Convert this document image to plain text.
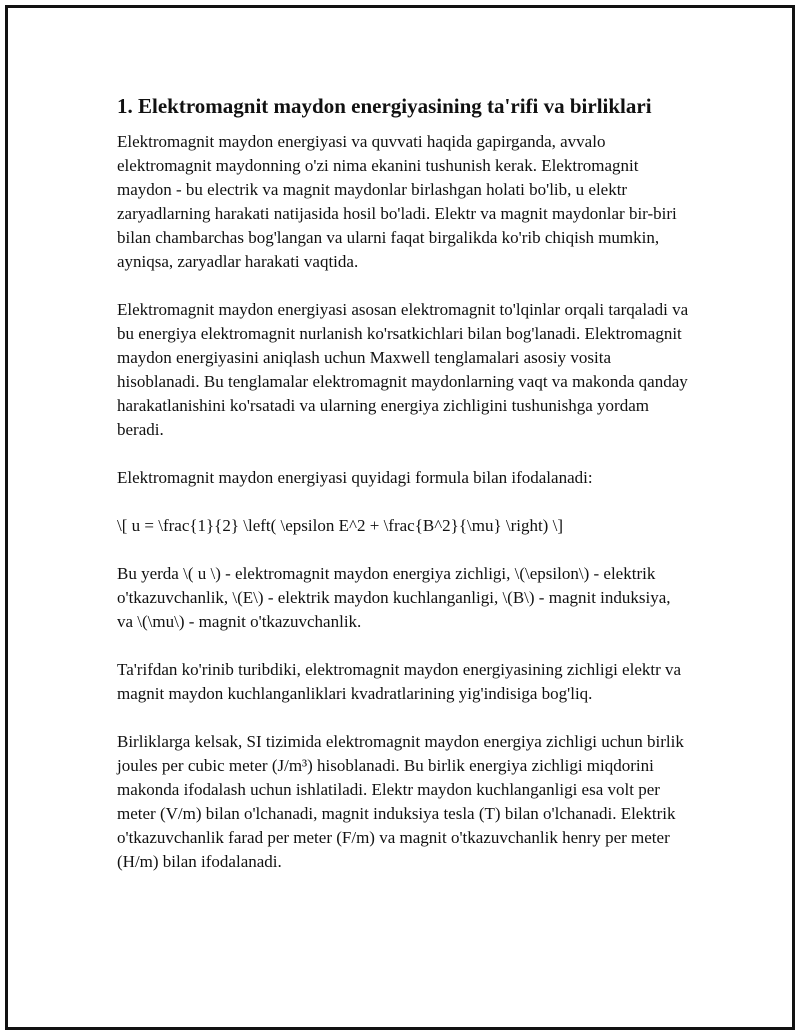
1. Elektromagnit maydon energiyasining ta'rifi va birliklari

Elektromagnit maydon energiyasi va quvvati haqida gapirganda, avvalo elektromagnit maydonning o'zi nima ekanini tushunish kerak. Elektromagnit maydon - bu electrik va magnit maydonlar birlashgan holati bo'lib, u elektr zaryadlarning harakati natijasida hosil bo'ladi. Elektr va magnit maydonlar bir-biri bilan chambarchas bog'langan va ularni faqat birgalikda ko'rib chiqish mumkin, ayniqsa, zaryadlar harakati vaqtida.

Elektromagnit maydon energiyasi asosan elektromagnit to'lqinlar orqali tarqaladi va bu energiya elektromagnit nurlanish ko'rsatkichlari bilan bog'lanadi. Elektromagnit maydon energiyasini aniqlash uchun Maxwell tenglamalari asosiy vosita hisoblanadi. Bu tenglamalar elektromagnit maydonlarning vaqt va makonda qanday harakatlanishini ko'rsatadi va ularning energiya zichligini tushunishga yordam beradi.

Elektromagnit maydon energiyasi quyidagi formula bilan ifodalanadi:

\[ u = \frac{1}{2} \left( \epsilon E^2 + \frac{B^2}{\mu} \right) \]

Bu yerda \( u \) - elektromagnit maydon energiya zichligi, \(\epsilon\) - elektrik o'tkazuvchanlik, \(E\) - elektrik maydon kuchlanganligi, \(B\) - magnit induksiya, va \(\mu\) - magnit o'tkazuvchanlik.

Ta'rifdan ko'rinib turibdiki, elektromagnit maydon energiyasining zichligi elektr va magnit maydon kuchlanganliklari kvadratlarining yig'indisiga bog'liq.

Birliklarga kelsak, SI tizimida elektromagnit maydon energiya zichligi uchun birlik joules per cubic meter (J/m³) hisoblanadi. Bu birlik energiya zichligi miqdorini makonda ifodalash uchun ishlatiladi. Elektr maydon kuchlanganligi esa volt per meter (V/m) bilan o'lchanadi, magnit induksiya tesla (T) bilan o'lchanadi. Elektrik o'tkazuvchanlik farad per meter (F/m) va magnit o'tkazuvchanlik henry per meter (H/m) bilan ifodalanadi.
